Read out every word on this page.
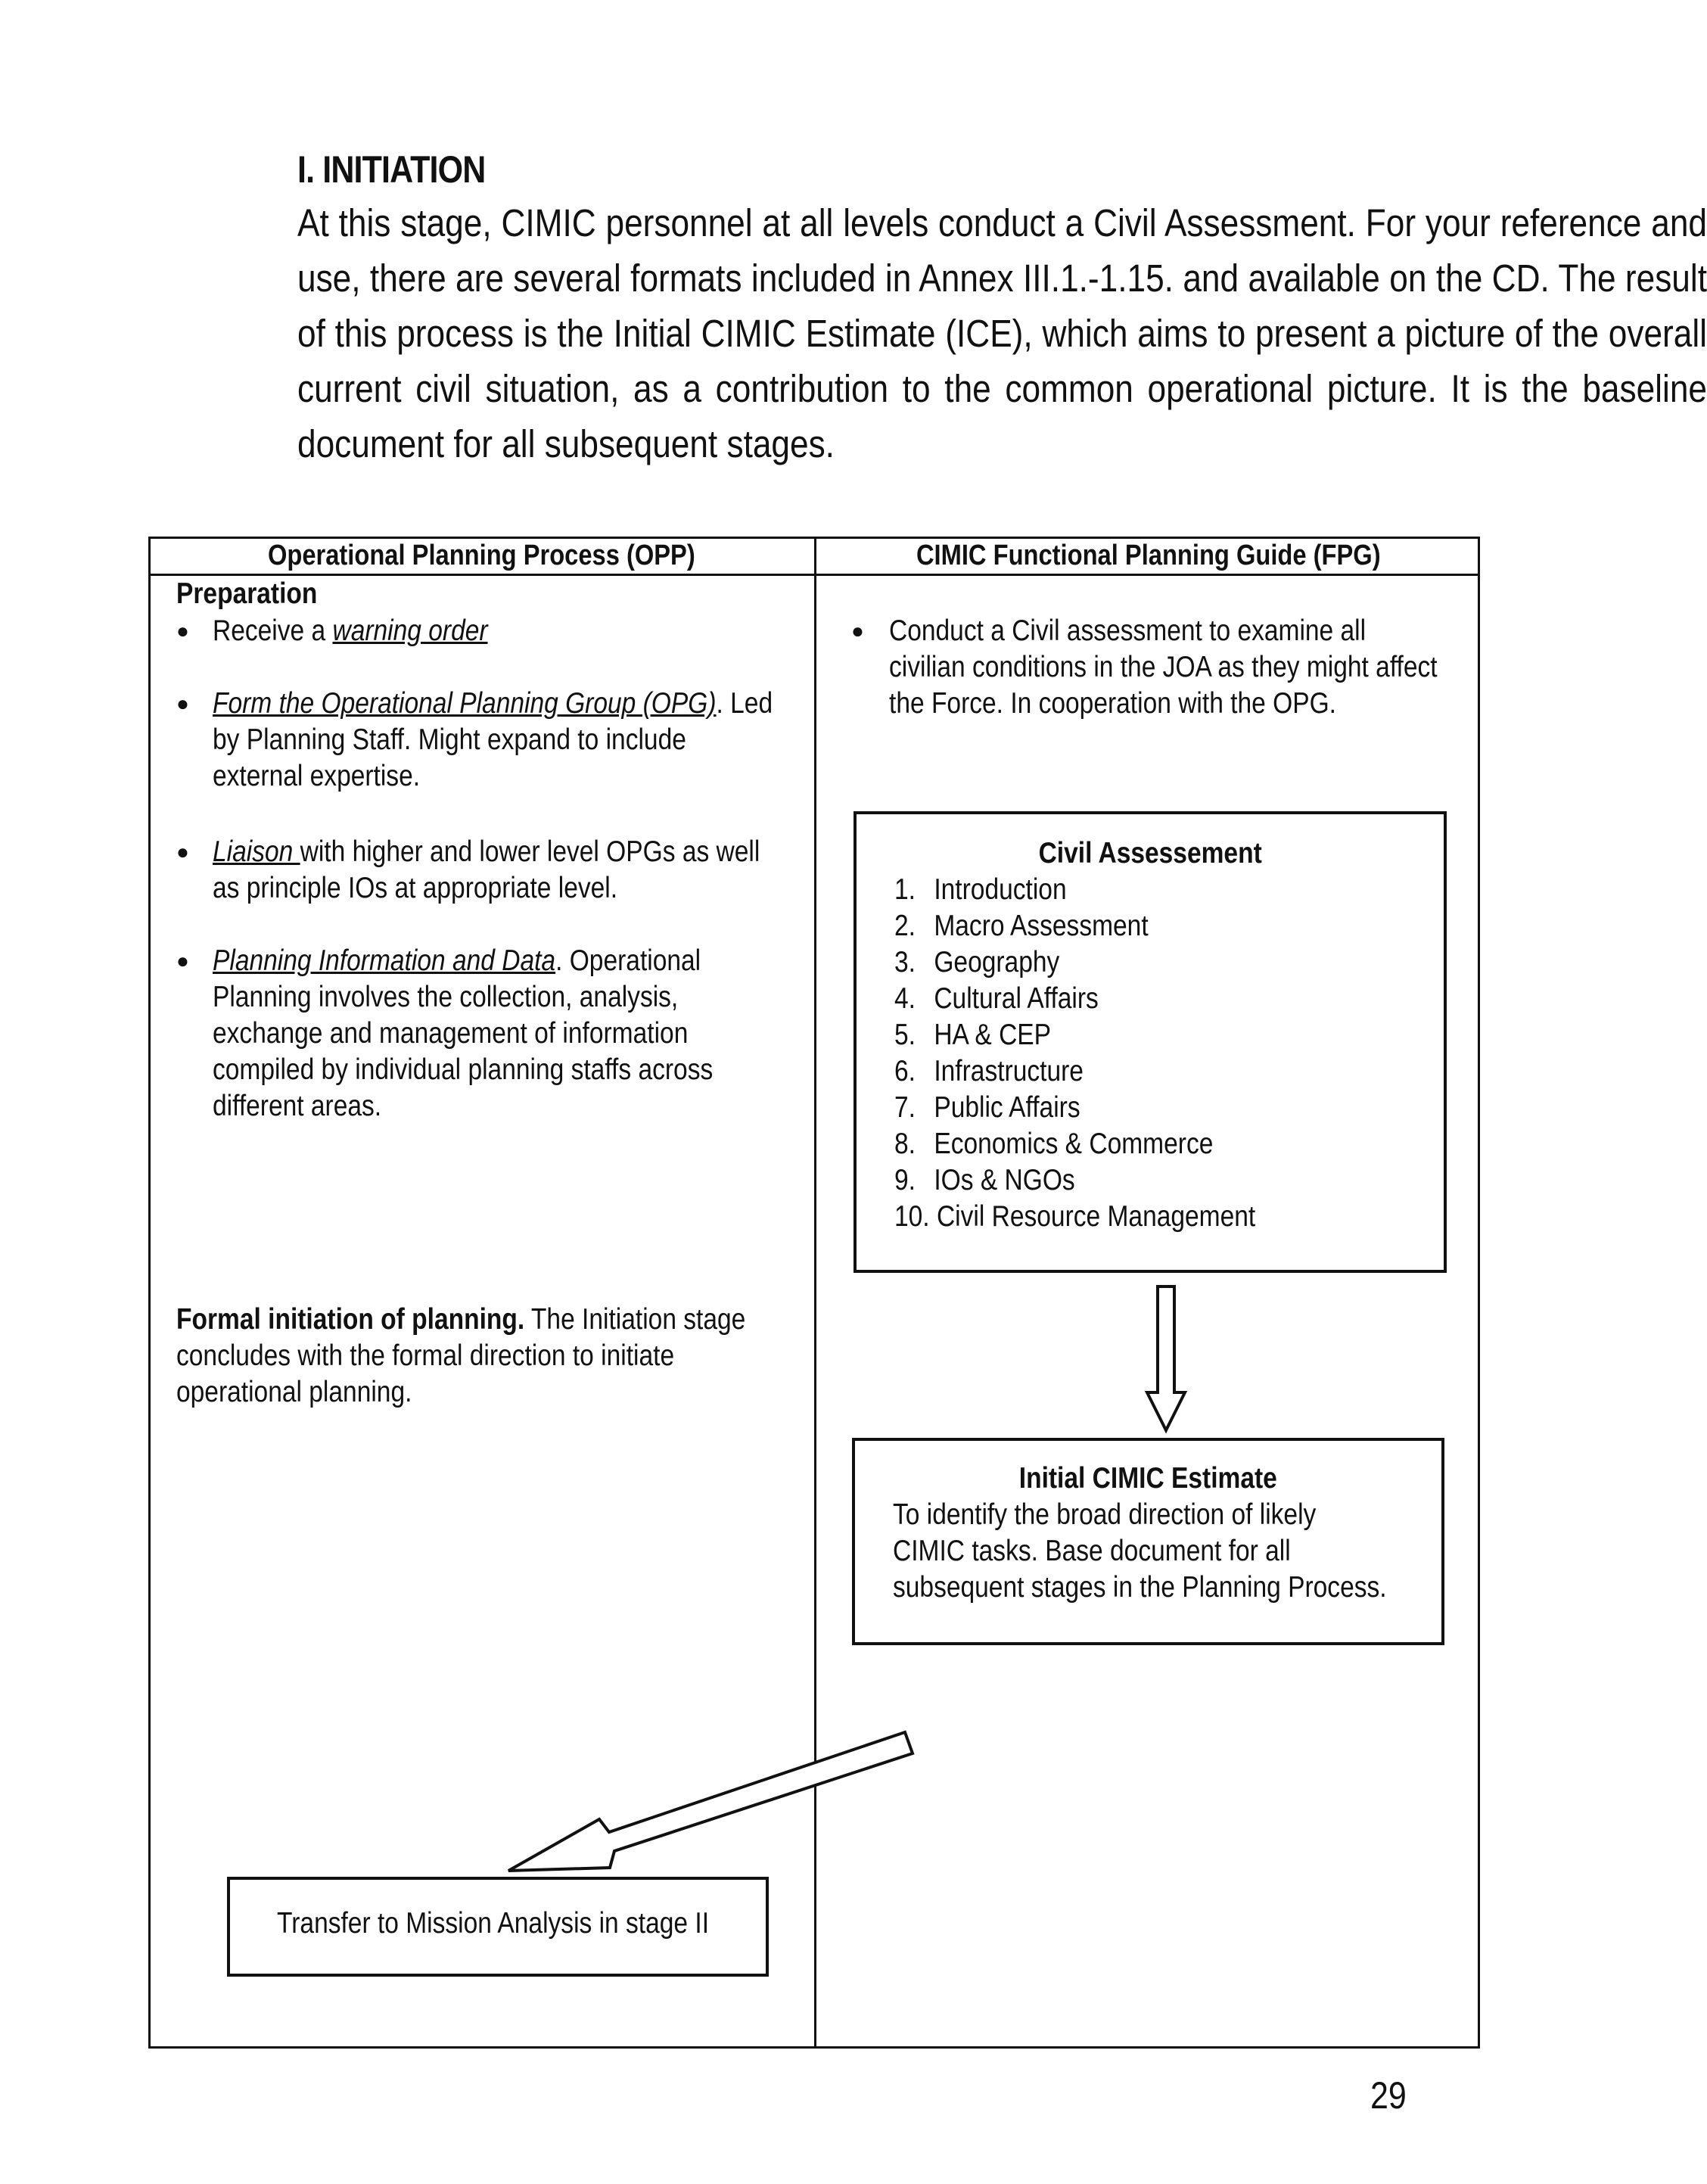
I. INITIATION

At this stage, CIMIC personnel at all levels conduct a Civil Assessment. For your reference and use, there are several formats included in Annex III.1.-1.15. and available on the CD. The result of this process is the Initial CIMIC Estimate (ICE), which aims to present a picture of the overall current civil situation, as a contribution to the common operational picture. It is the baseline document for all subsequent stages.

Operational Planning Process (OPP)	CIMIC Functional Planning Guide (FPG)
Preparation
● Receive a warning order
● Form the Operational Planning Group (OPG). Led
by Planning Staff. Might expand to include
external expertise.
● Liaison with higher and lower level OPGs as well
as principle IOs at appropriate level.
● Planning Information and Data. Operational
Planning involves the collection, analysis,
exchange and management of information
compiled by individual planning staffs across
different areas.
Formal initiation of planning. The Initiation stage
concludes with the formal direction to initiate
operational planning.
Transfer to Mission Analysis in stage II
● Conduct a Civil assessment to examine all
civilian conditions in the JOA as they might affect
the Force. In cooperation with the OPG.
Civil Assessement
1. Introduction
2. Macro Assessment
3. Geography
4. Cultural Affairs
5. HA & CEP
6. Infrastructure
7. Public Affairs
8. Economics & Commerce
9. IOs & NGOs
10. Civil Resource Management
Initial CIMIC Estimate
To identify the broad direction of likely
CIMIC tasks. Base document for all
subsequent stages in the Planning Process.
29
